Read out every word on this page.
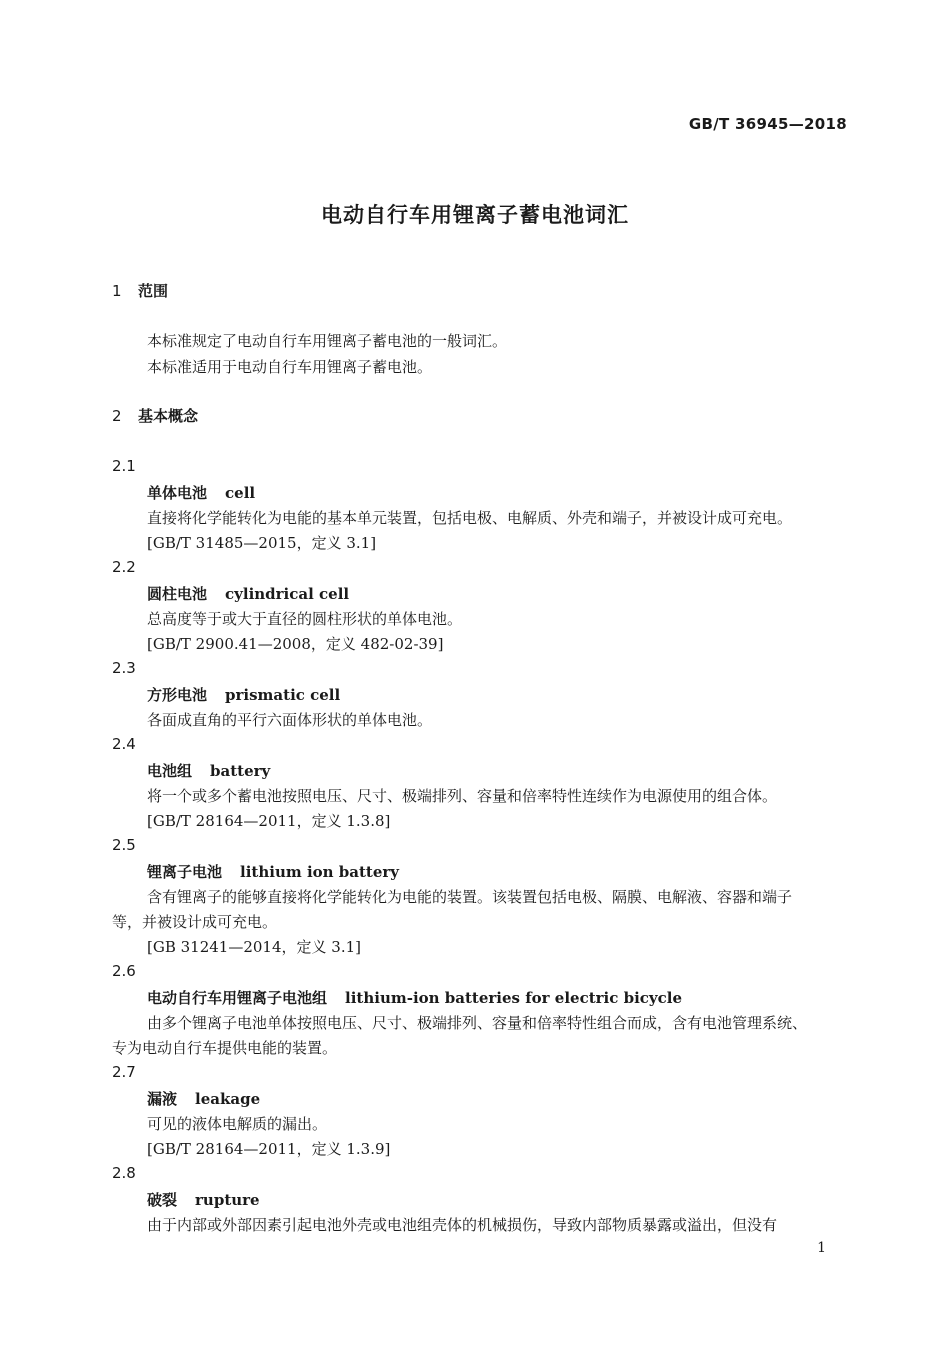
GB/T 36945—2018
电动自行车用锂离子蓄电池词汇
1 范围
本标准规定了电动自行车用锂离子蓄电池的一般词汇。
本标准适用于电动自行车用锂离子蓄电池。
2 基本概念
2.1
单体电池 cell
直接将化学能转化为电能的基本单元装置，包括电极、电解质、外壳和端子，并被设计成可充电。
[GB/T 31485—2015，定义 3.1]
2.2
圆柱电池 cylindrical cell
总高度等于或大于直径的圆柱形状的单体电池。
[GB/T 2900.41—2008，定义 482-02-39]
2.3
方形电池 prismatic cell
各面成直角的平行六面体形状的单体电池。
2.4
电池组 battery
将一个或多个蓄电池按照电压、尺寸、极端排列、容量和倍率特性连续作为电源使用的组合体。
[GB/T 28164—2011，定义 1.3.8]
2.5
锂离子电池 lithium ion battery
含有锂离子的能够直接将化学能转化为电能的装置。该装置包括电极、隔膜、电解液、容器和端子
等，并被设计成可充电。
[GB 31241—2014，定义 3.1]
2.6
电动自行车用锂离子电池组 lithium-ion batteries for electric bicycle
由多个锂离子电池单体按照电压、尺寸、极端排列、容量和倍率特性组合而成，含有电池管理系统、
专为电动自行车提供电能的装置。
2.7
漏液 leakage
可见的液体电解质的漏出。
[GB/T 28164—2011，定义 1.3.9]
2.8
破裂 rupture
由于内部或外部因素引起电池外壳或电池组壳体的机械损伤，导致内部物质暴露或溢出，但没有
1
